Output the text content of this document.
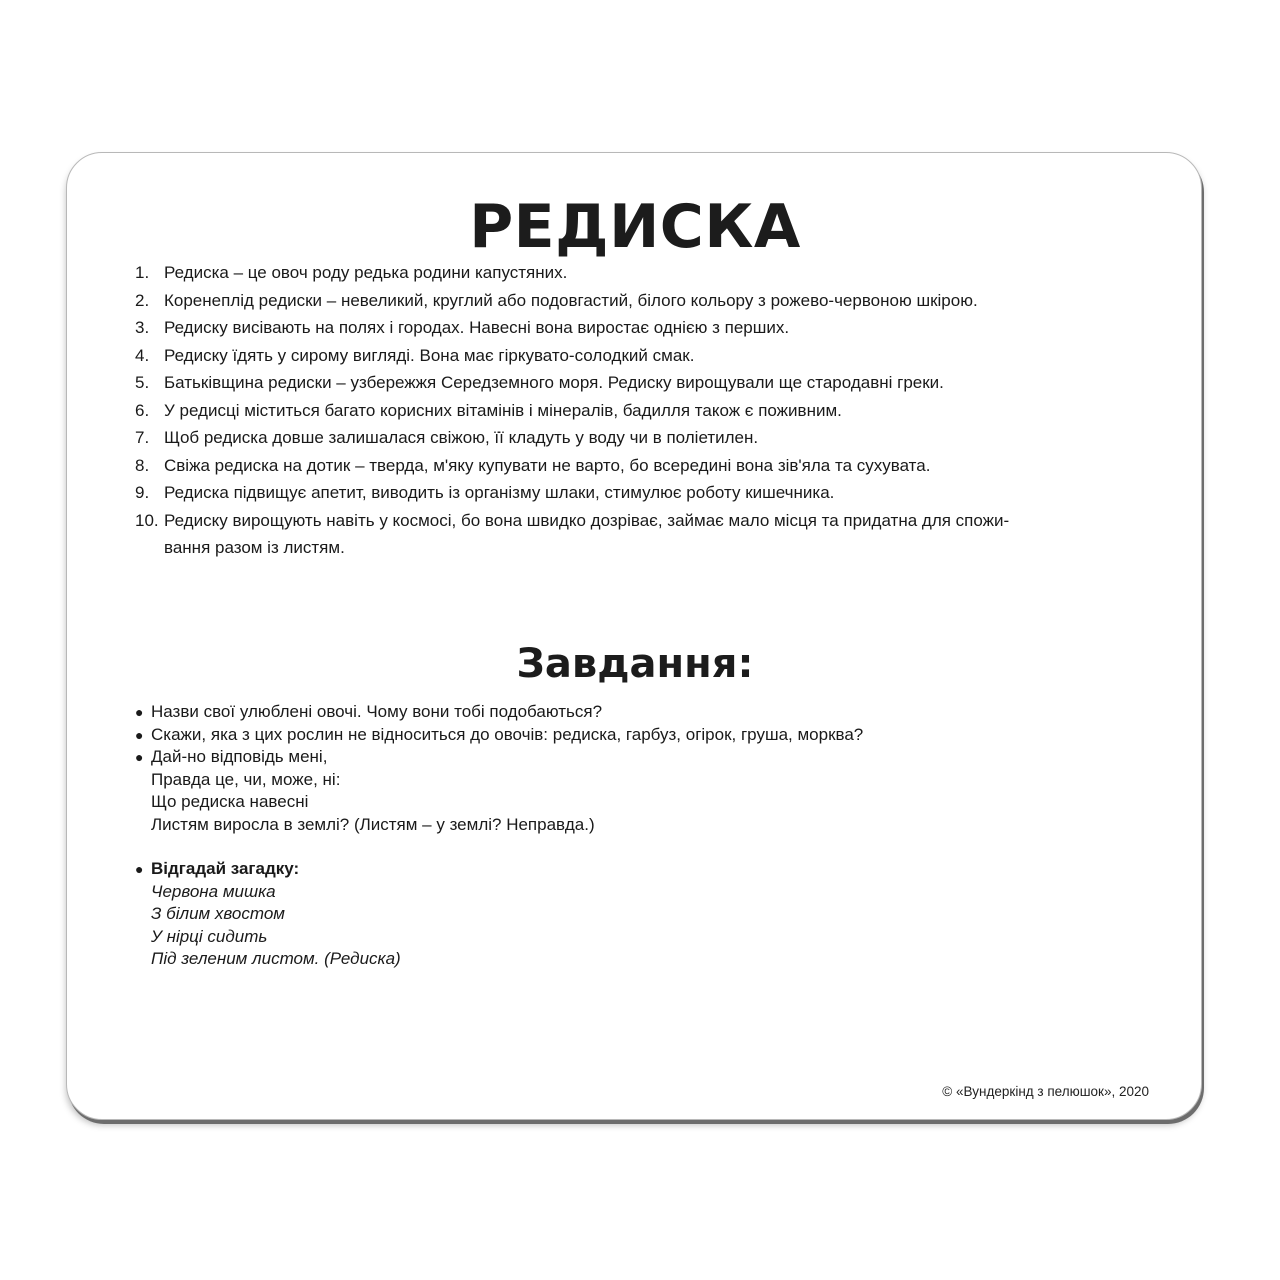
РЕДИСКА
1. Редиска – це овоч роду редька родини капустяних.
2. Коренеплід редиски – невеликий, круглий або подовгастий, білого кольору з рожево-червоною шкірою.
3. Редиску висівають на полях і городах. Навесні вона виростає однією з перших.
4. Редиску їдять у сирому вигляді. Вона має гіркувато-солодкий смак.
5. Батьківщина редиски – узбережжя Середземного моря. Редиску вирощували ще стародавні греки.
6. У редисці міститься багато корисних вітамінів і мінералів, бадилля також є поживним.
7. Щоб редиска довше залишалася свіжою, її кладуть у воду чи в поліетилен.
8. Свіжа редиска на дотик – тверда, м'яку купувати не варто, бо всередині вона зів'яла та сухувата.
9. Редиска підвищує апетит, виводить із організму шлаки, стимулює роботу кишечника.
10. Редиску вирощують навіть у космосі, бо вона швидко дозріває, займає мало місця та придатна для спожи-
вання разом із листям.
Завдання:
● Назви свої улюблені овочі. Чому вони тобі подобаються?
● Скажи, яка з цих рослин не відноситься до овочів: редиска, гарбуз, огірок, груша, морква?
● Дай-но відповідь мені,
Правда це, чи, може, ні:
Що редиска навесні
Листям виросла в землі? (Листям – у землі? Неправда.)
● Відгадай загадку:
Червона мишка
З білим хвостом
У нірці сидить
Під зеленим листом. (Редиска)
© «Вундеркінд з пелюшок», 2020
